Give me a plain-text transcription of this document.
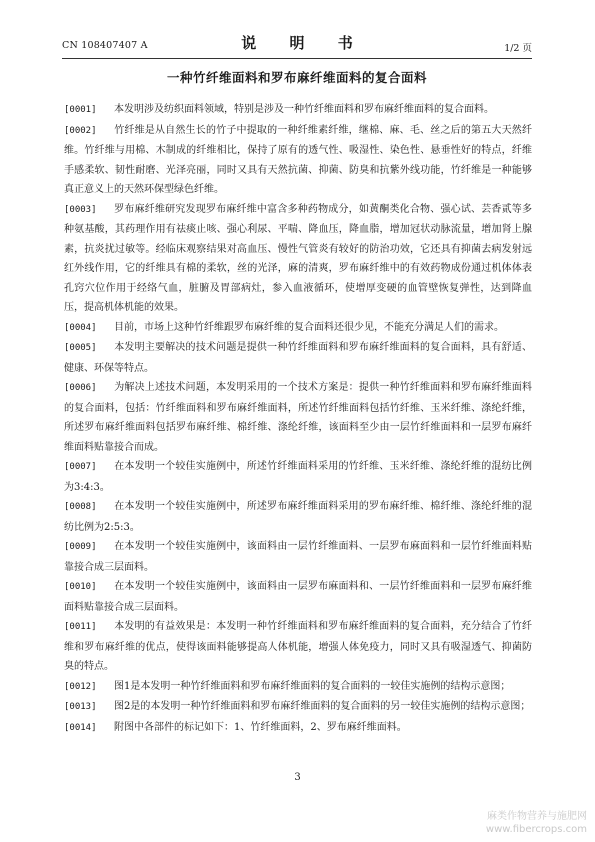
CN 108407407 A	说 明 书	1/2 页
一种竹纤维面料和罗布麻纤维面料的复合面料

[0001] 本发明涉及纺织面料领域，特别是涉及一种竹纤维面料和罗布麻纤维面料的复合面料。

[0002] 竹纤维是从自然生长的竹子中提取的一种纤维素纤维，继棉、麻、毛、丝之后的第五大天然纤维。竹纤维与用棉、木制成的纤维相比，保持了原有的透气性、吸湿性、染色性、悬垂性好的特点，纤维手感柔软、韧性耐磨、光泽亮丽，同时又具有天然抗菌、抑菌、防臭和抗紫外线功能，竹纤维是一种能够真正意义上的天然环保型绿色纤维。

[0003] 罗布麻纤维研究发现罗布麻纤维中富含多种药物成分，如黄酮类化合物、强心试、芸香贰等多种氨基酸，其药理作用有祛痰止咳、强心利尿、平喘、降血压，降血脂，增加冠状动脉流量，增加肾上腺素，抗炎扰过敏等。经临床观察结果对高血压、慢性气管炎有较好的防治功效，它还具有抑菌去病发射远红外线作用，它的纤维具有棉的柔软，丝的光泽，麻的清爽，罗布麻纤维中的有效药物成份通过机体体表孔窍穴位作用于经络气血，脏腑及胃部病灶，参入血液循环，使增厚变硬的血管壁恢复弹性，达到降血压，提高机体机能的效果。

[0004] 目前，市场上这种竹纤维跟罗布麻纤维的复合面料还很少见，不能充分满足人们的需求。

[0005] 本发明主要解决的技术问题是提供一种竹纤维面料和罗布麻纤维面料的复合面料，具有舒适、健康、环保等特点。

[0006] 为解决上述技术问题，本发明采用的一个技术方案是：提供一种竹纤维面料和罗布麻纤维面料的复合面料，包括：竹纤维面料和罗布麻纤维面料，所述竹纤维面料包括竹纤维、玉米纤维、涤纶纤维，所述罗布麻纤维面料包括罗布麻纤维、棉纤维、涤纶纤维，该面料至少由一层竹纤维面料和一层罗布麻纤维面料贴靠接合而成。

[0007] 在本发明一个较佳实施例中，所述竹纤维面料采用的竹纤维、玉米纤维、涤纶纤维的混纺比例为3:4:3。

[0008] 在本发明一个较佳实施例中，所述罗布麻纤维面料采用的罗布麻纤维、棉纤维、涤纶纤维的混纺比例为2:5:3。

[0009] 在本发明一个较佳实施例中，该面料由一层竹纤维面料、一层罗布麻面料和一层竹纤维面料贴靠接合成三层面料。

[0010] 在本发明一个较佳实施例中，该面料由一层罗布麻面料和、一层竹纤维面料和一层罗布麻纤维面料贴靠接合成三层面料。

[0011] 本发明的有益效果是：本发明一种竹纤维面料和罗布麻纤维面料的复合面料，充分结合了竹纤维和罗布麻纤维的优点，使得该面料能够提高人体机能，增强人体免疫力，同时又具有吸湿透气、抑菌防臭的特点。

[0012] 图1是本发明一种竹纤维面料和罗布麻纤维面料的复合面料的一较佳实施例的结构示意图；

[0013] 图2是的本发明一种竹纤维面料和罗布麻纤维面料的复合面料的另一较佳实施例的结构示意图；

[0014] 附图中各部件的标记如下：1、竹纤维面料，2、罗布麻纤维面料。

3
麻类作物营养与施肥网
www.fibercrops.com
